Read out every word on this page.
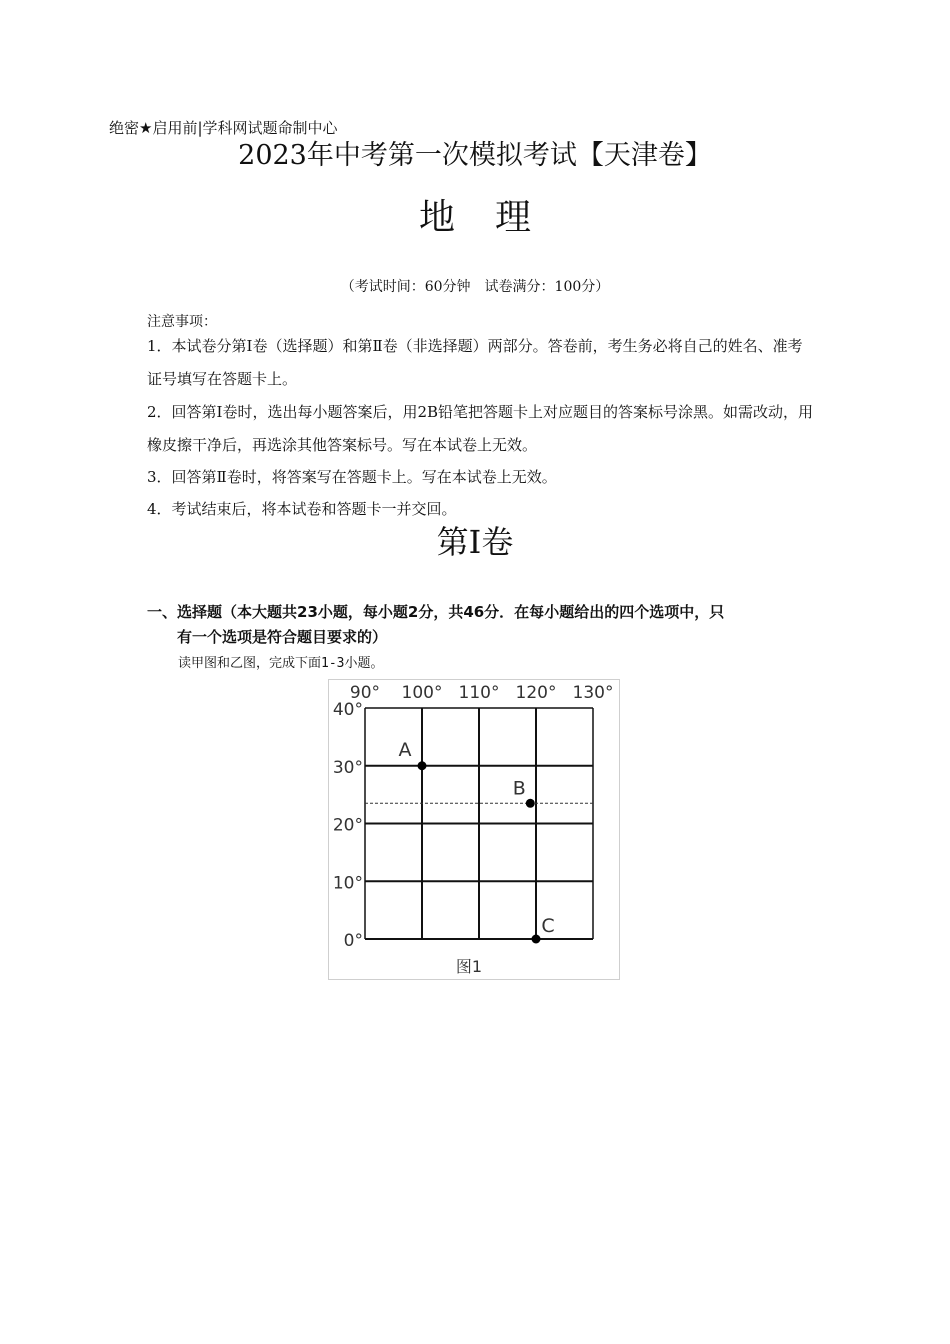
绝密★启用前|学科网试题命制中心
2023年中考第一次模拟考试【天津卷】
地理
（考试时间：60分钟　试卷满分：100分）
注意事项：
1．本试卷分第Ⅰ卷（选择题）和第Ⅱ卷（非选择题）两部分。答卷前，考生务必将自己的姓名、准考证号填写在答题卡上。
2．回答第Ⅰ卷时，选出每小题答案后，用2B铅笔把答题卡上对应题目的答案标号涂黑。如需改动，用橡皮擦干净后，再选涂其他答案标号。写在本试卷上无效。
3．回答第Ⅱ卷时，将答案写在答题卡上。写在本试卷上无效。
4．考试结束后，将本试卷和答题卡一并交回。
第Ⅰ卷
一、选择题（本大题共23小题，每小题2分，共46分．在每小题给出的四个选项中，只
有一个选项是符合题目要求的）
读甲图和乙图，完成下面1-3小题。
90° 100° 110° 120° 130°
40°
30°
20°
10°
0°
A
B
C
图1
